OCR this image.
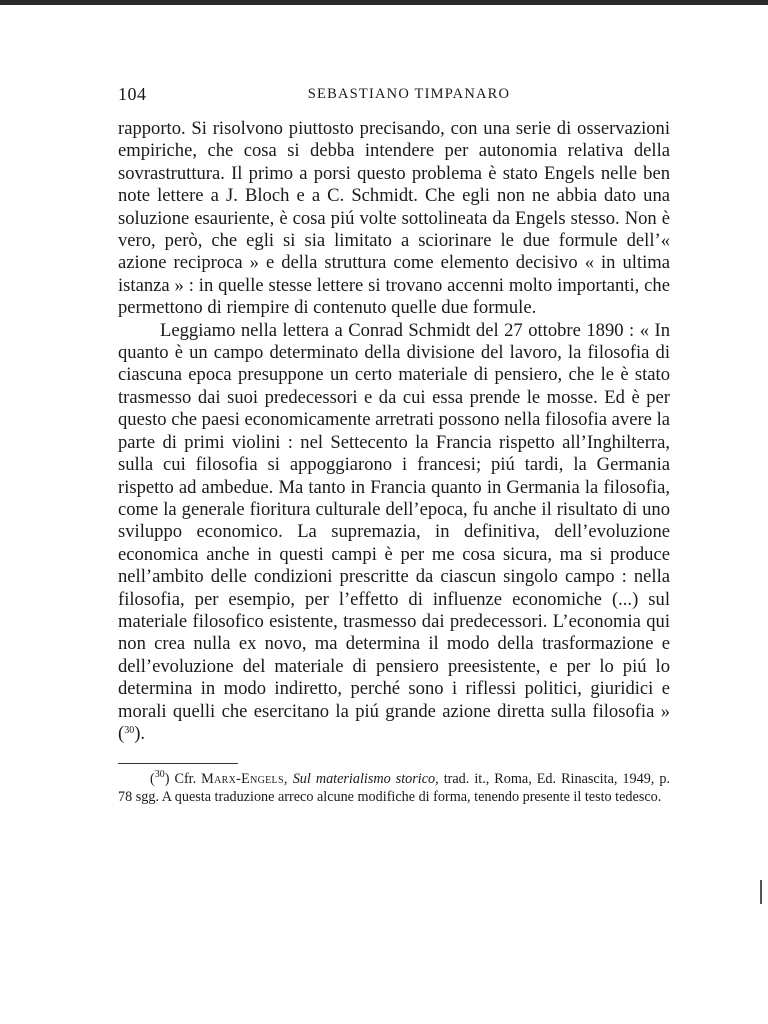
104	SEBASTIANO TIMPANARO

rapporto. Si risolvono piuttosto precisando, con una serie di osservazioni empiriche, che cosa si debba intendere per autonomia relativa della sovrastruttura. Il primo a porsi questo problema è stato Engels nelle ben note lettere a J. Bloch e a C. Schmidt. Che egli non ne abbia dato una soluzione esauriente, è cosa piú volte sottolineata da Engels stesso. Non è vero, però, che egli si sia limitato a sciorinare le due formule dell’« azione reciproca » e della struttura come elemento decisivo « in ultima istanza » : in quelle stesse lettere si trovano accenni molto importanti, che permettono di riempire di contenuto quelle due formule.

Leggiamo nella lettera a Conrad Schmidt del 27 ottobre 1890 : « In quanto è un campo determinato della divisione del lavoro, la filosofia di ciascuna epoca presuppone un certo materiale di pensiero, che le è stato trasmesso dai suoi predecessori e da cui essa prende le mosse. Ed è per questo che paesi economicamente arretrati possono nella filosofia avere la parte di primi violini : nel Settecento la Francia rispetto all’Inghilterra, sulla cui filosofia si appoggiarono i francesi; piú tardi, la Germania rispetto ad ambedue. Ma tanto in Francia quanto in Germania la filosofia, come la generale fioritura culturale dell’epoca, fu anche il risultato di uno sviluppo economico. La supremazia, in definitiva, dell’evoluzione economica anche in questi campi è per me cosa sicura, ma si produce nell’ambito delle condizioni prescritte da ciascun singolo campo : nella filosofia, per esempio, per l’effetto di influenze economiche (...) sul materiale filosofico esistente, trasmesso dai predecessori. L’economia qui non crea nulla ex novo, ma determina il modo della trasformazione e dell’evoluzione del materiale di pensiero preesistente, e per lo piú lo determina in modo indiretto, perché sono i riflessi politici, giuridici e morali quelli che esercitano la piú grande azione diretta sulla filosofia » ($^{30}$).

($^{30}$) Cfr. Marx-Engels, Sul materialismo storico, trad. it., Roma, Ed. Rinascita, 1949, p. 78 sgg. A questa traduzione arreco alcune modifiche di forma, tenendo presente il testo tedesco.
